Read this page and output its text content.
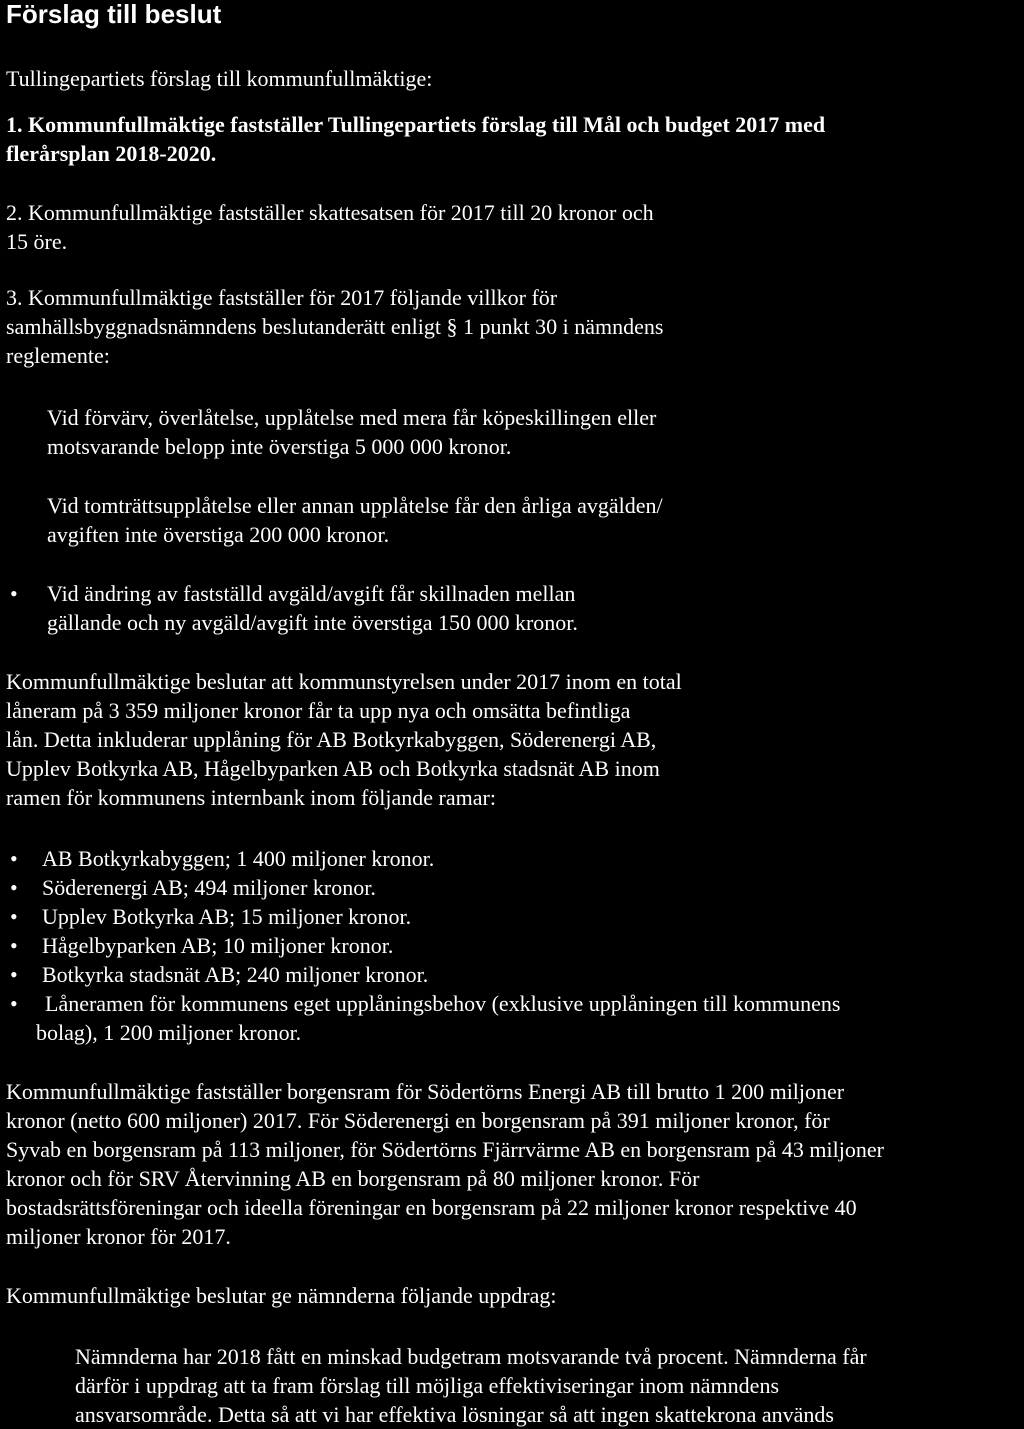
Förslag till beslut

Tullingepartiets förslag till kommunfullmäktige:

1. Kommunfullmäktige fastställer Tullingepartiets förslag till Mål och budget 2017 med

flerårsplan 2018-2020.

2. Kommunfullmäktige fastställer skattesatsen för 2017 till 20 kronor och

15 öre.

3. Kommunfullmäktige fastställer för 2017 följande villkor för

samhällsbyggnadsnämndens beslutanderätt enligt § 1 punkt 30 i nämndens

reglemente:

Vid förvärv, överlåtelse, upplåtelse med mera får köpeskillingen eller

motsvarande belopp inte överstiga 5 000 000 kronor.

Vid tomträttsupplåtelse eller annan upplåtelse får den årliga avgälden/

avgiften inte överstiga 200 000 kronor.

• Vid ändring av fastställd avgäld/avgift får skillnaden mellan

gällande och ny avgäld/avgift inte överstiga 150 000 kronor.

Kommunfullmäktige beslutar att kommunstyrelsen under 2017 inom en total

låneram på 3 359 miljoner kronor får ta upp nya och omsätta befintliga

lån. Detta inkluderar upplåning för AB Botkyrkabyggen, Söderenergi AB,

Upplev Botkyrka AB, Hågelbyparken AB och Botkyrka stadsnät AB inom

ramen för kommunens internbank inom följande ramar:

• AB Botkyrkabyggen; 1 400 miljoner kronor.

• Söderenergi AB; 494 miljoner kronor.

• Upplev Botkyrka AB; 15 miljoner kronor.

• Hågelbyparken AB; 10 miljoner kronor.

• Botkyrka stadsnät AB; 240 miljoner kronor.

• Låneramen för kommunens eget upplåningsbehov (exklusive upplåningen till kommunens

bolag), 1 200 miljoner kronor.

Kommunfullmäktige fastställer borgensram för Södertörns Energi AB till brutto 1 200 miljoner

kronor (netto 600 miljoner) 2017. För Söderenergi en borgensram på 391 miljoner kronor, för

Syvab en borgensram på 113 miljoner, för Södertörns Fjärrvärme AB en borgensram på 43 miljoner

kronor och för SRV Återvinning AB en borgensram på 80 miljoner kronor. För

bostadsrättsföreningar och ideella föreningar en borgensram på 22 miljoner kronor respektive 40

miljoner kronor för 2017.

Kommunfullmäktige beslutar ge nämnderna följande uppdrag:

Nämnderna har 2018 fått en minskad budgetram motsvarande två procent. Nämnderna får

därför i uppdrag att ta fram förslag till möjliga effektiviseringar inom nämndens

ansvarsområde. Detta så att vi har effektiva lösningar så att ingen skattekrona används
